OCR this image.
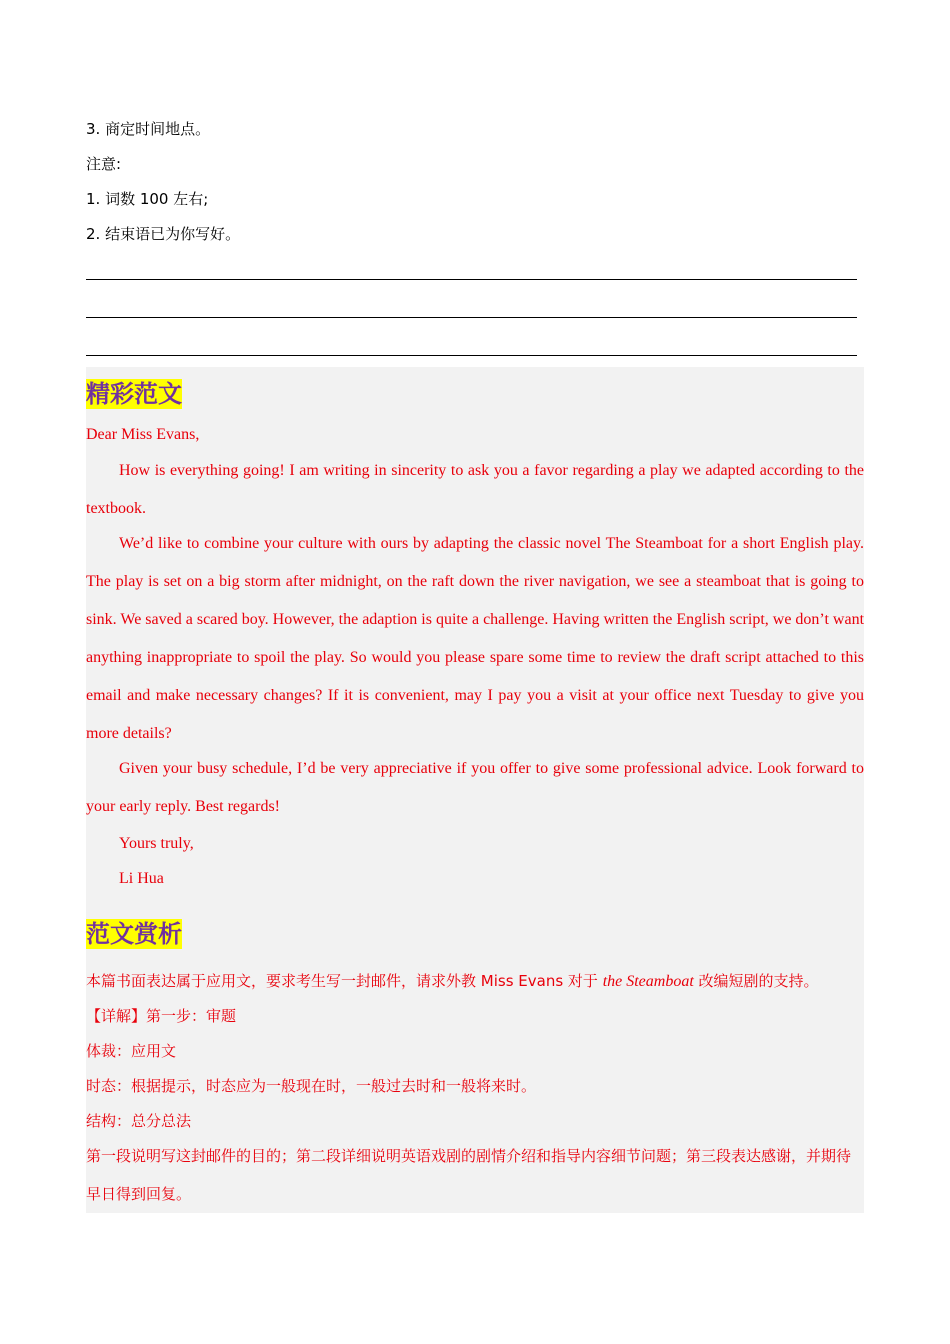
3. 商定时间地点。
注意:
1. 词数 100 左右;
2. 结束语已为你写好。
精彩范文
Dear Miss Evans,
How is everything going! I am writing in sincerity to ask you a favor regarding a play we adapted according to the textbook.
We’d like to combine your culture with ours by adapting the classic novel The Steamboat for a short English play. The play is set on a big storm after midnight, on the raft down the river navigation, we see a steamboat that is going to sink. We saved a scared boy. However, the adaption is quite a challenge. Having written the English script, we don’t want anything inappropriate to spoil the play. So would you please spare some time to review the draft script attached to this email and make necessary changes? If it is convenient, may I pay you a visit at your office next Tuesday to give you more details?
Given your busy schedule, I’d be very appreciative if you offer to give some professional advice. Look forward to your early reply. Best regards!
Yours truly,
Li Hua
范文赏析
本篇书面表达属于应用文，要求考生写一封邮件，请求外教 Miss Evans 对于 the Steamboat 改编短剧的支持。
【详解】第一步：审题
体裁：应用文
时态：根据提示，时态应为一般现在时，一般过去时和一般将来时。
结构：总分总法
第一段说明写这封邮件的目的；第二段详细说明英语戏剧的剧情介绍和指导内容细节问题；第三段表达感谢，并期待早日得到回复。
